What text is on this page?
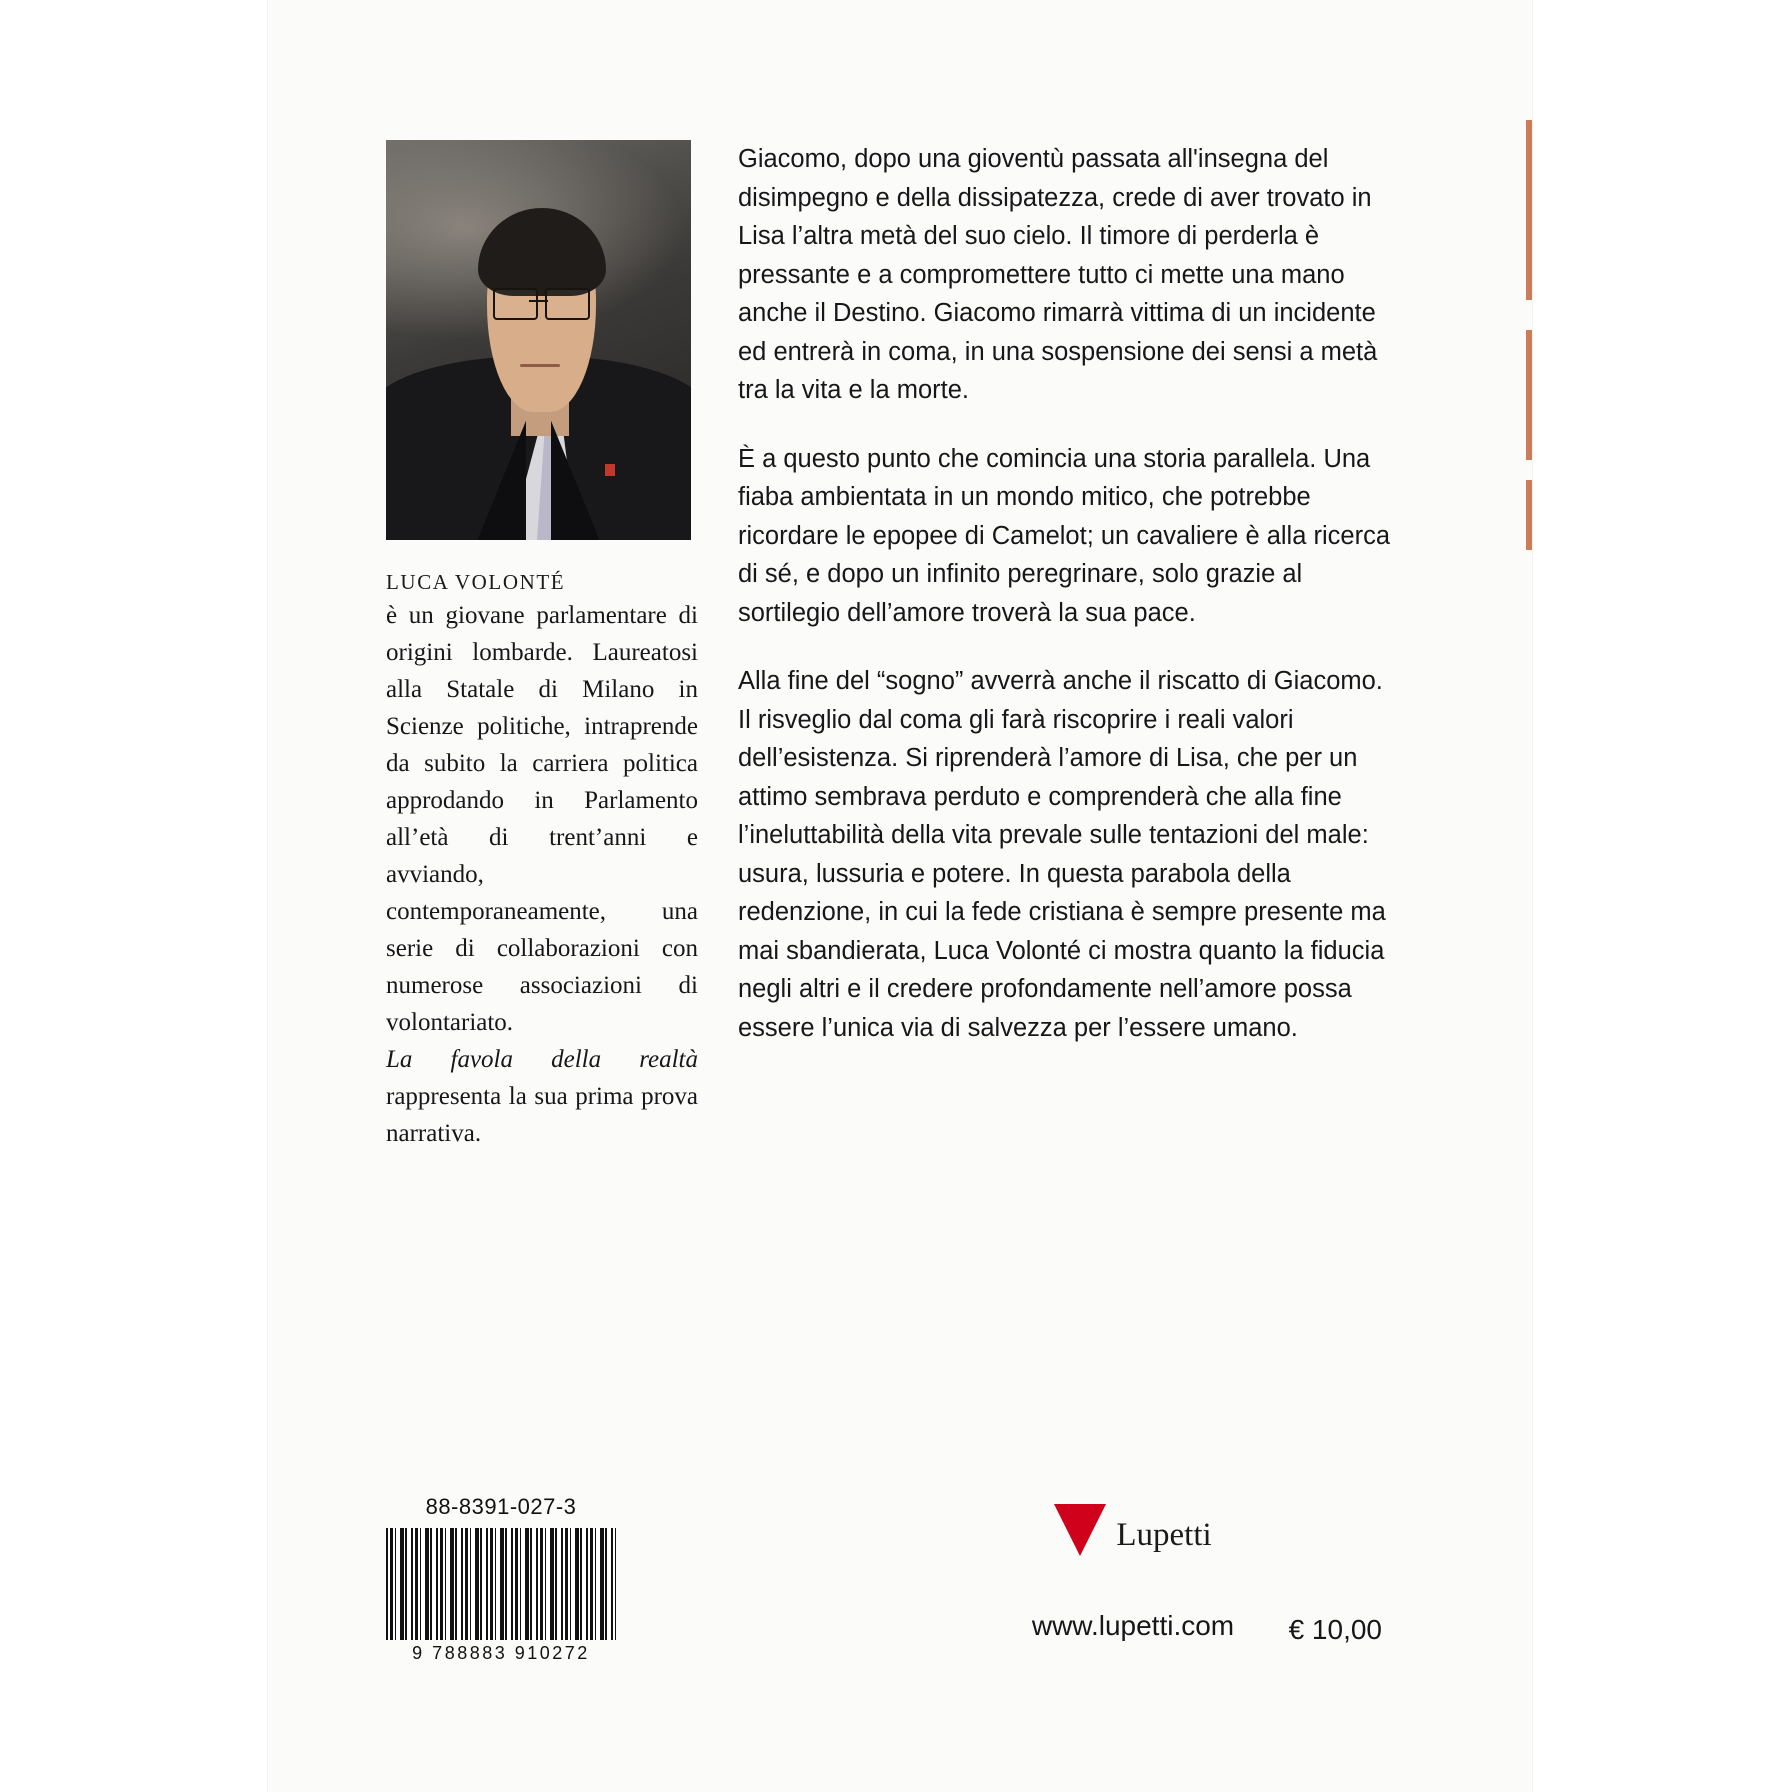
LUCA VOLONTÉ
è un giovane parlamentare di origini lombarde. Laureatosi alla Statale di Milano in Scienze politiche, intraprende da subito la carriera politica approdando in Parlamento all’età di trent’anni e avviando, contemporaneamente, una serie di collaborazioni con numerose associazioni di volontariato.
La favola della realtà rappresenta la sua prima prova narrativa.

Giacomo, dopo una gioventù passata all'insegna del disimpegno e della dissipatezza, crede di aver trovato in Lisa l’altra metà del suo cielo. Il timore di perderla è pressante e a compromettere tutto ci mette una mano anche il Destino. Giacomo rimarrà vittima di un incidente ed entrerà in coma, in una sospensione dei sensi a metà tra la vita e la morte.

È a questo punto che comincia una storia parallela. Una fiaba ambientata in un mondo mitico, che potrebbe ricordare le epopee di Camelot; un cavaliere è alla ricerca di sé, e dopo un infinito peregrinare, solo grazie al sortilegio dell’amore troverà la sua pace.

Alla fine del “sogno” avverrà anche il riscatto di Giacomo. Il risveglio dal coma gli farà riscoprire i reali valori dell’esistenza. Si riprenderà l’amore di Lisa, che per un attimo sembrava perduto e comprenderà che alla fine l’ineluttabilità della vita prevale sulle tentazioni del male: usura, lussuria e potere. In questa parabola della redenzione, in cui la fede cristiana è sempre presente ma mai sbandierata, Luca Volonté ci mostra quanto la fiducia negli altri e il credere profondamente nell’amore possa essere l’unica via di salvezza per l’essere umano.

88-8391-027-3
9 788883 910272
Lupetti
www.lupetti.com	€ 10,00
